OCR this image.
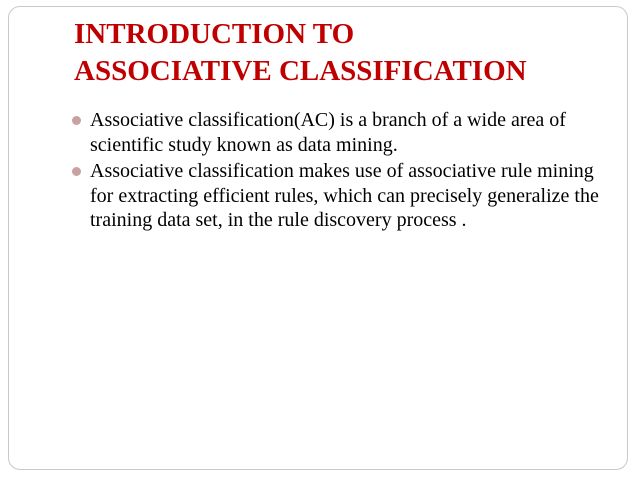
INTRODUCTION TO
ASSOCIATIVE CLASSIFICATION
Associative classification(AC) is a branch of a wide area of scientific study known as data mining.
Associative classification makes use of associative rule mining for extracting efficient rules, which can precisely generalize the training data set, in the rule discovery process .
